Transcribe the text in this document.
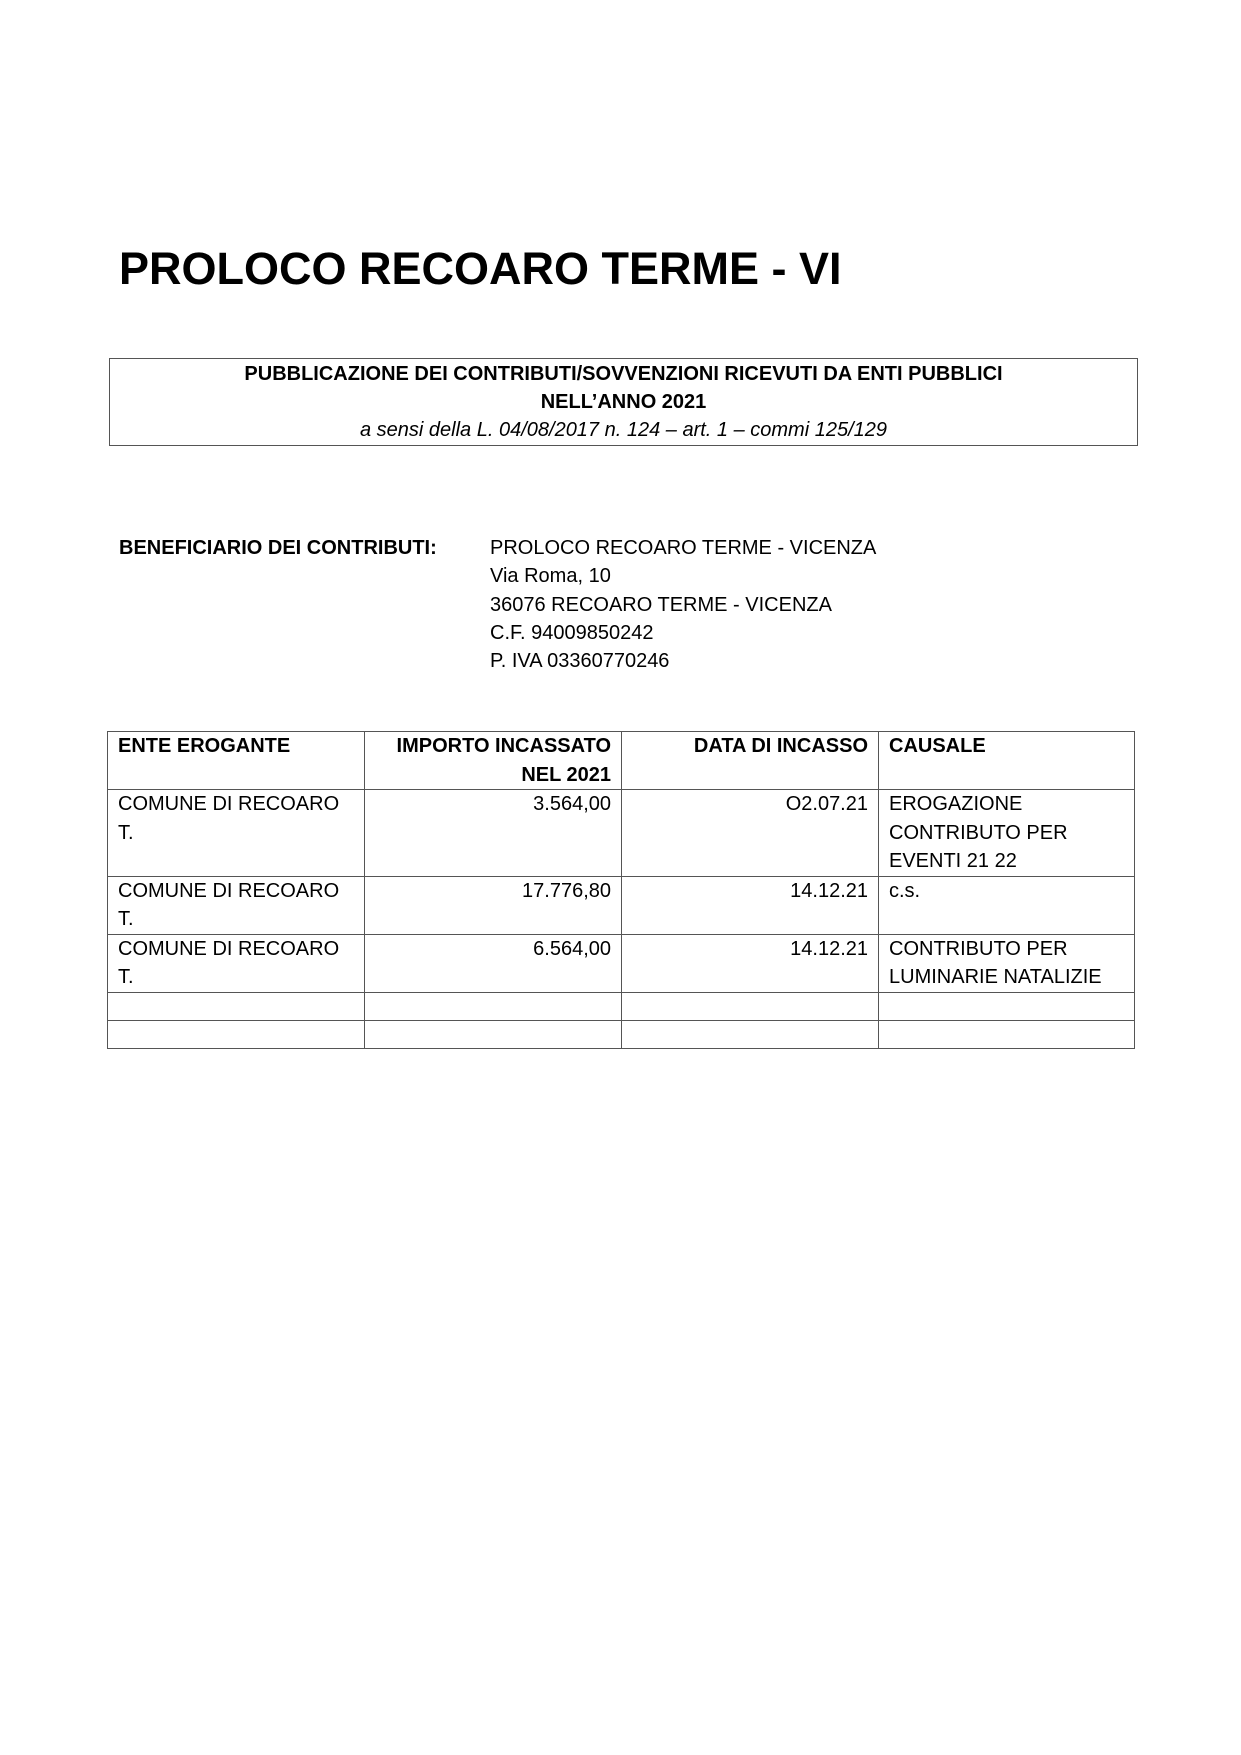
PROLOCO RECOARO TERME - VI
PUBBLICAZIONE DEI CONTRIBUTI/SOVVENZIONI RICEVUTI DA ENTI PUBBLICI
NELL’ANNO 2021
a sensi della L. 04/08/2017 n. 124 – art. 1 – commi 125/129
BENEFICIARIO DEI CONTRIBUTI:	PROLOCO RECOARO TERME - VICENZA
Via Roma, 10
36076 RECOARO TERME - VICENZA
C.F. 94009850242
P. IVA 03360770246
ENTE EROGANTE	IMPORTO INCASSATO NEL 2021	DATA DI INCASSO	CAUSALE
COMUNE DI RECOARO T.	3.564,00	O2.07.21	EROGAZIONE CONTRIBUTO PER EVENTI 21 22
COMUNE DI RECOARO T.	17.776,80	14.12.21	c.s.
COMUNE DI RECOARO T.	6.564,00	14.12.21	CONTRIBUTO PER LUMINARIE NATALIZIE
